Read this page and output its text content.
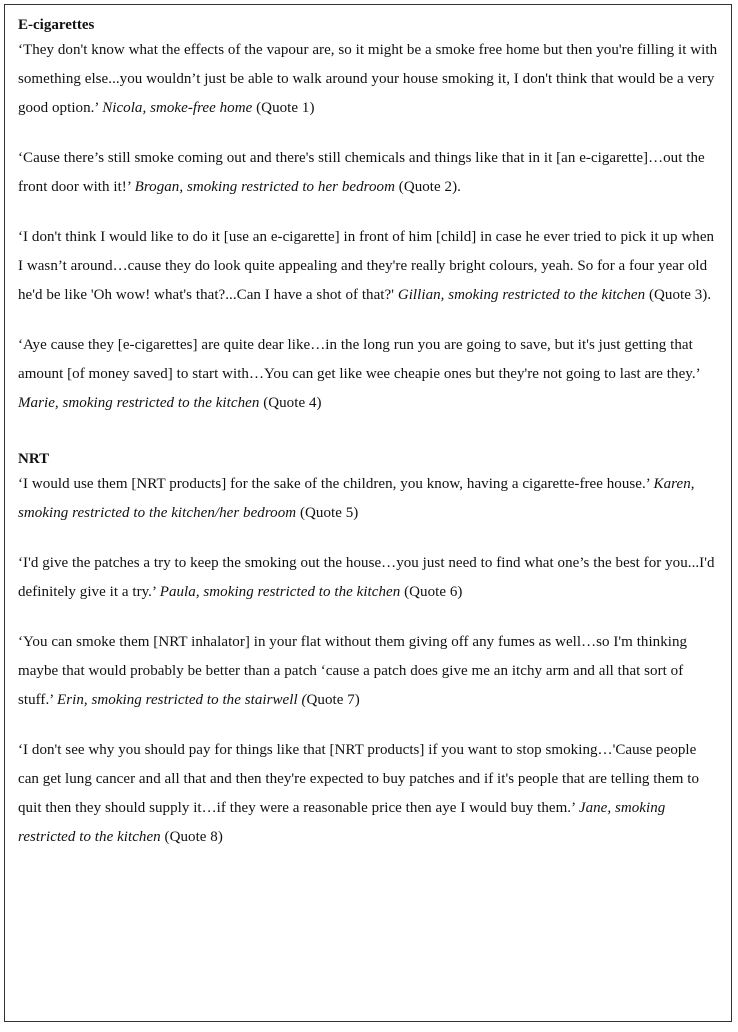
E-cigarettes

‘They don't know what the effects of the vapour are, so it might be a smoke free home but then you're filling it with something else...you wouldn’t just be able to walk around your house smoking it, I don't think that would be a very good option.’ Nicola, smoke-free home (Quote 1)

‘Cause there’s still smoke coming out and there's still chemicals and things like that in it [an e-cigarette]…out the front door with it!’ Brogan, smoking restricted to her bedroom (Quote 2).

‘I don't think I would like to do it [use an e-cigarette] in front of him [child] in case he ever tried to pick it up when I wasn’t around…cause they do look quite appealing and they're really bright colours, yeah. So for a four year old he'd be like 'Oh wow! what's that?...Can I have a shot of that?' Gillian, smoking restricted to the kitchen (Quote 3).

‘Aye cause they [e-cigarettes] are quite dear like…in the long run you are going to save, but it's just getting that amount [of money saved] to start with…You can get like wee cheapie ones but they're not going to last are they.’ Marie, smoking restricted to the kitchen (Quote 4)

NRT

‘I would use them [NRT products] for the sake of the children, you know, having a cigarette-free house.’ Karen, smoking restricted to the kitchen/her bedroom (Quote 5)

‘I'd give the patches a try to keep the smoking out the house…you just need to find what one’s the best for you...I'd definitely give it a try.’ Paula, smoking restricted to the kitchen (Quote 6)

‘You can smoke them [NRT inhalator] in your flat without them giving off any fumes as well…so I'm thinking maybe that would probably be better than a patch ‘cause a patch does give me an itchy arm and all that sort of stuff.’ Erin, smoking restricted to the stairwell (Quote 7)

‘I don't see why you should pay for things like that [NRT products] if you want to stop smoking…'Cause people can get lung cancer and all that and then they're expected to buy patches and if it's people that are telling them to quit then they should supply it…if they were a reasonable price then aye I would buy them.’ Jane, smoking restricted to the kitchen (Quote 8)
